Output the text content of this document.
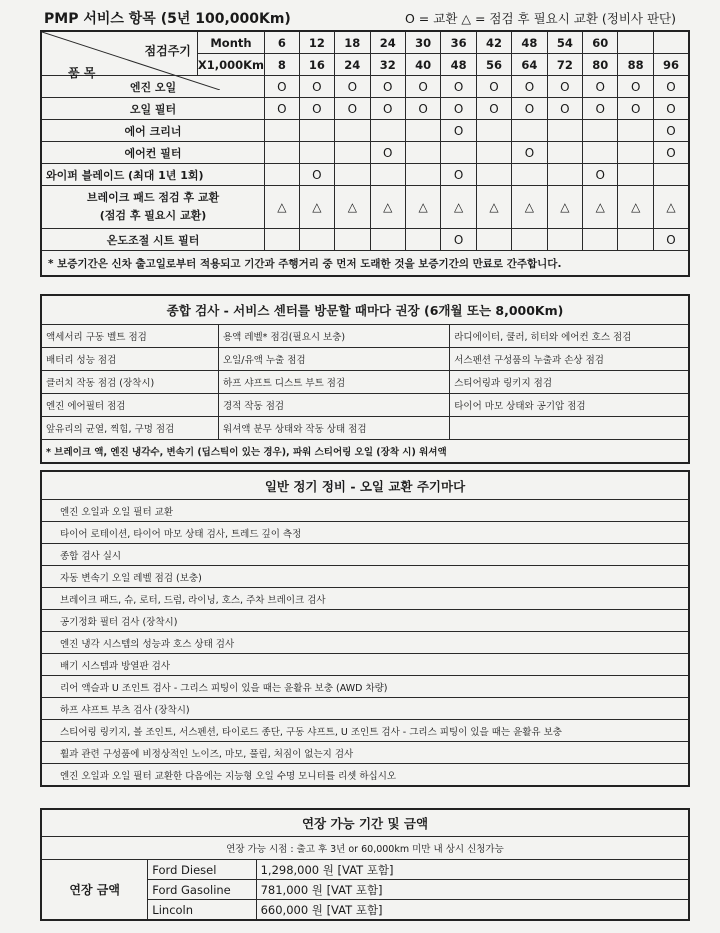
PMP 서비스 항목 (5년 100,000Km)	O = 교환 △ = 점검 후 필요시 교환 (정비사 판단)
점검주기
품 목	Month	6	12	18	24	30	36	42	48	54	60		
	X1,000Km	8	16	24	32	40	48	56	64	72	80	88	96
엔진 오일		O	O	O	O	O	O	O	O	O	O	O	O
오일 필터		O	O	O	O	O	O	O	O	O	O	O	O
에어 크리너							O						O
에어컨 필터					O				O				O
와이퍼 블레이드 (최대 1년 1회)			O				O				O		
브레이크 패드 점검 후 교환
(점검 후 필요시 교환)		△	△	△	△	△	△	△	△	△	△	△	△
온도조절 시트 필터							O						O
* 보증기간은 신차 출고일로부터 적용되고 기간과 주행거리 중 먼저 도래한 것을 보증기간의 만료로 간주합니다.													
종합 검사 - 서비스 센터를 방문할 때마다 권장 (6개월 또는 8,000Km)		
액세서리 구동 벨트 점검	용액 레벨* 점검(필요시 보충)	라디에이터, 쿨러, 히터와 에어컨 호스 점검
배터리 성능 점검	오일/유액 누출 점검	서스펜션 구성품의 누출과 손상 점검
클러치 작동 점검 (장착시)	하프 샤프트 디스트 부트 점검	스티어링과 링키지 점검
엔진 에어필터 점검	경적 작동 점검	타이어 마모 상태와 공기압 점검
앞유리의 균열, 찍힘, 구멍 점검	워셔액 분무 상태와 작동 상태 점검	
* 브레이크 액, 엔진 냉각수, 변속기 (딥스틱이 있는 경우), 파워 스티어링 오일 (장착 시) 워셔액		
일반 정기 정비 - 오일 교환 주기마다
엔진 오일과 오일 필터 교환
타이어 로테이션, 타이어 마모 상태 검사, 트레드 깊이 측정
종합 검사 실시
자동 변속기 오일 레벨 점검 (보충)
브레이크 패드, 슈, 로터, 드럼, 라이닝, 호스, 주차 브레이크 검사
공기정화 필터 검사 (장착시)
엔진 냉각 시스템의 성능과 호스 상태 검사
배기 시스템과 방열판 검사
리어 액슬과 U 조인트 검사 - 그리스 피팅이 있을 때는 윤활유 보충 (AWD 차량)
하프 샤프트 부츠 검사 (장착시)
스티어링 링키지, 볼 조인트, 서스펜션, 타이로드 종단, 구동 샤프트, U 조인트 검사 - 그리스 피팅이 있을 때는 윤활유 보충
휠과 관련 구성품에 비정상적인 노이즈, 마모, 풀림, 처짐이 없는지 검사
엔진 오일과 오일 필터 교환한 다음에는 지능형 오일 수명 모니터를 리셋 하십시오
연장 가능 기간 및 금액		
연장 가능 시점 : 출고 후 3년 or 60,000km 미만 내 상시 신청가능		
연장 금액	Ford Diesel	1,298,000 원 [VAT 포함]
	Ford Gasoline	781,000 원 [VAT 포함]
	Lincoln	660,000 원 [VAT 포함]
